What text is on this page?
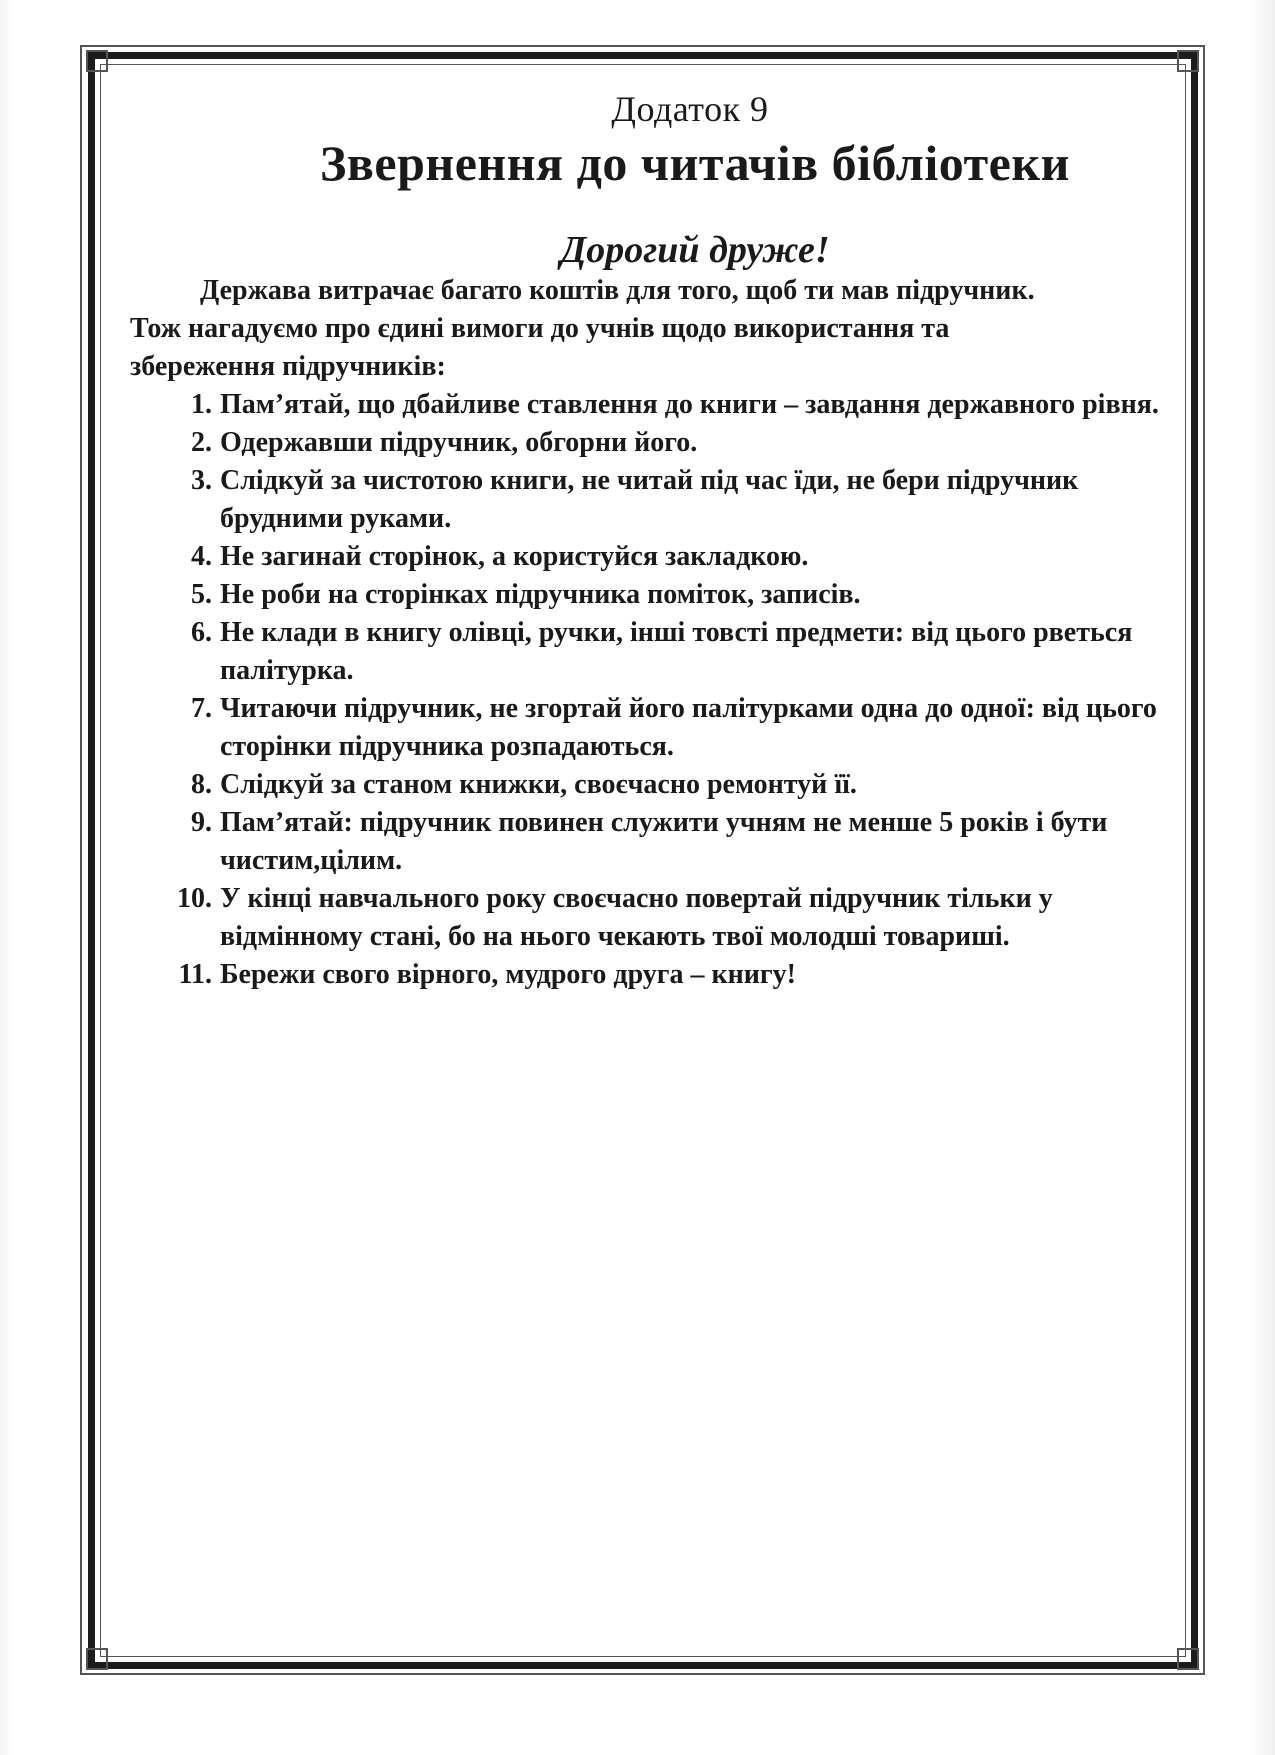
Додаток 9

Звернення до читачів бібліотеки

Дорогий друже!

Держава витрачає багато коштів для того, щоб ти мав підручник. Тож нагадуємо про єдині вимоги до учнів щодо використання та збереження підручників:

1. Пам’ятай, що дбайливе ставлення до книги – завдання державного рівня.
2. Одержавши підручник, обгорни його.
3. Слідкуй за чистотою книги, не читай під час їди, не бери підручник брудними руками.
4. Не загинай сторінок, а користуйся закладкою.
5. Не роби на сторінках підручника поміток, записів.
6. Не клади в книгу олівці, ручки, інші товсті предмети: від цього рветься палітурка.
7. Читаючи підручник, не згортай його палітурками одна до одної: від цього сторінки підручника розпадаються.
8. Слідкуй за станом книжки, своєчасно ремонтуй її.
9. Пам’ятай: підручник повинен служити учням не менше 5 років і бути чистим,цілим.
10. У кінці навчального року своєчасно повертай підручник тільки у відмінному стані, бо на нього чекають твої молодші товариші.
11. Бережи свого вірного, мудрого друга – книгу!
